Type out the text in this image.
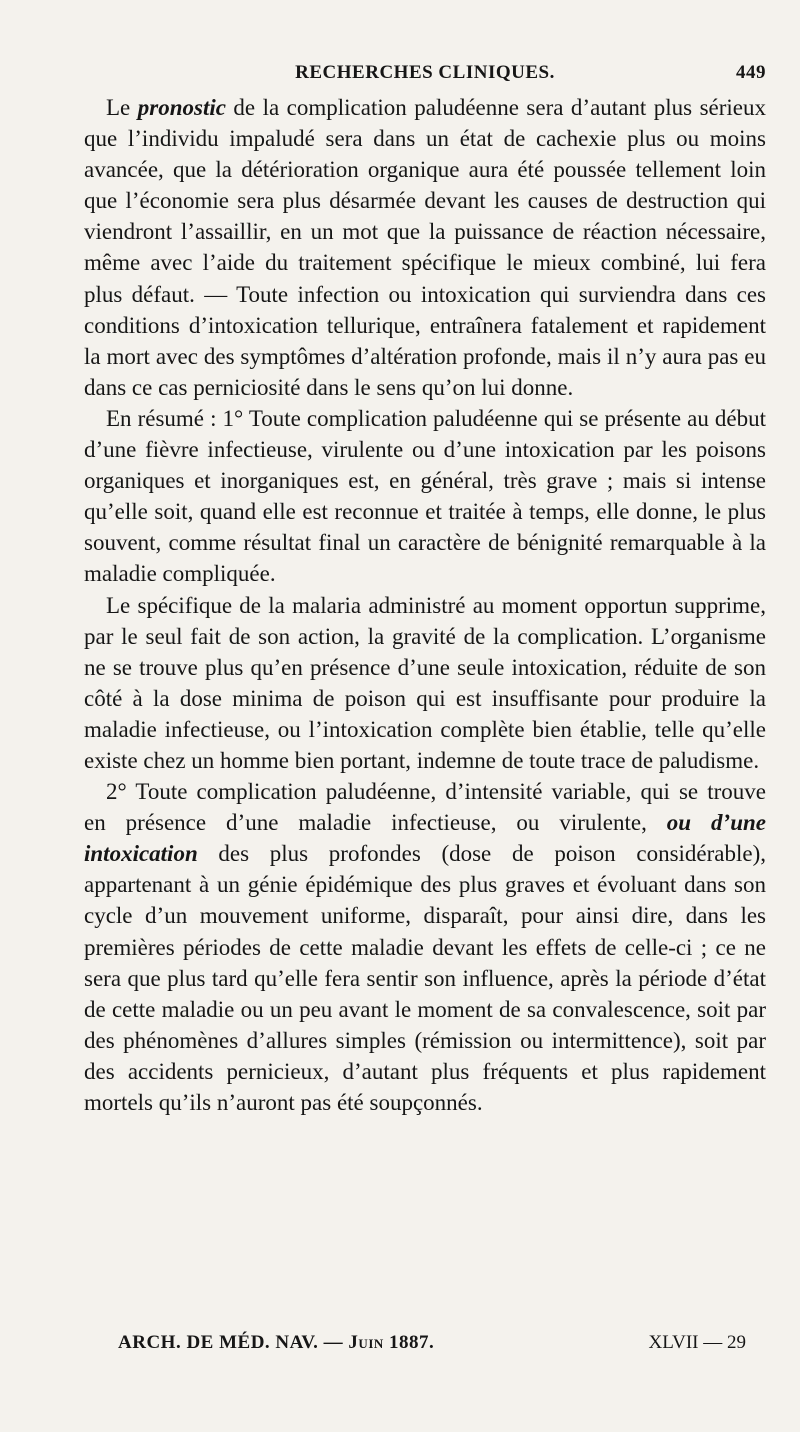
RECHERCHES CLINIQUES.	449

Le pronostic de la complication paludéenne sera d’autant plus sérieux que l’individu impaludé sera dans un état de cachexie plus ou moins avancée, que la détérioration organique aura été poussée tellement loin que l’économie sera plus désarmée devant les causes de destruction qui viendront l’assaillir, en un mot que la puissance de réaction nécessaire, même avec l’aide du traitement spécifique le mieux combiné, lui fera plus défaut. — Toute infection ou intoxication qui surviendra dans ces conditions d’intoxication tellurique, entraînera fatalement et rapidement la mort avec des symptômes d’altération profonde, mais il n’y aura pas eu dans ce cas perniciosité dans le sens qu’on lui donne.

En résumé : 1° Toute complication paludéenne qui se présente au début d’une fièvre infectieuse, virulente ou d’une intoxication par les poisons organiques et inorganiques est, en général, très grave ; mais si intense qu’elle soit, quand elle est reconnue et traitée à temps, elle donne, le plus souvent, comme résultat final un caractère de bénignité remarquable à la maladie compliquée.

Le spécifique de la malaria administré au moment opportun supprime, par le seul fait de son action, la gravité de la complication. L’organisme ne se trouve plus qu’en présence d’une seule intoxication, réduite de son côté à la dose minima de poison qui est insuffisante pour produire la maladie infectieuse, ou l’intoxication complète bien établie, telle qu’elle existe chez un homme bien portant, indemne de toute trace de paludisme.

2° Toute complication paludéenne, d’intensité variable, qui se trouve en présence d’une maladie infectieuse, ou virulente, ou d’une intoxication des plus profondes (dose de poison considérable), appartenant à un génie épidémique des plus graves et évoluant dans son cycle d’un mouvement uniforme, disparaît, pour ainsi dire, dans les premières périodes de cette maladie devant les effets de celle-ci ; ce ne sera que plus tard qu’elle fera sentir son influence, après la période d’état de cette maladie ou un peu avant le moment de sa convalescence, soit par des phénomènes d’allures simples (rémission ou intermittence), soit par des accidents pernicieux, d’autant plus fréquents et plus rapidement mortels qu’ils n’auront pas été soupçonnés.

ARCH. DE MÉD. NAV. — Juin 1887.	XLVII — 29
